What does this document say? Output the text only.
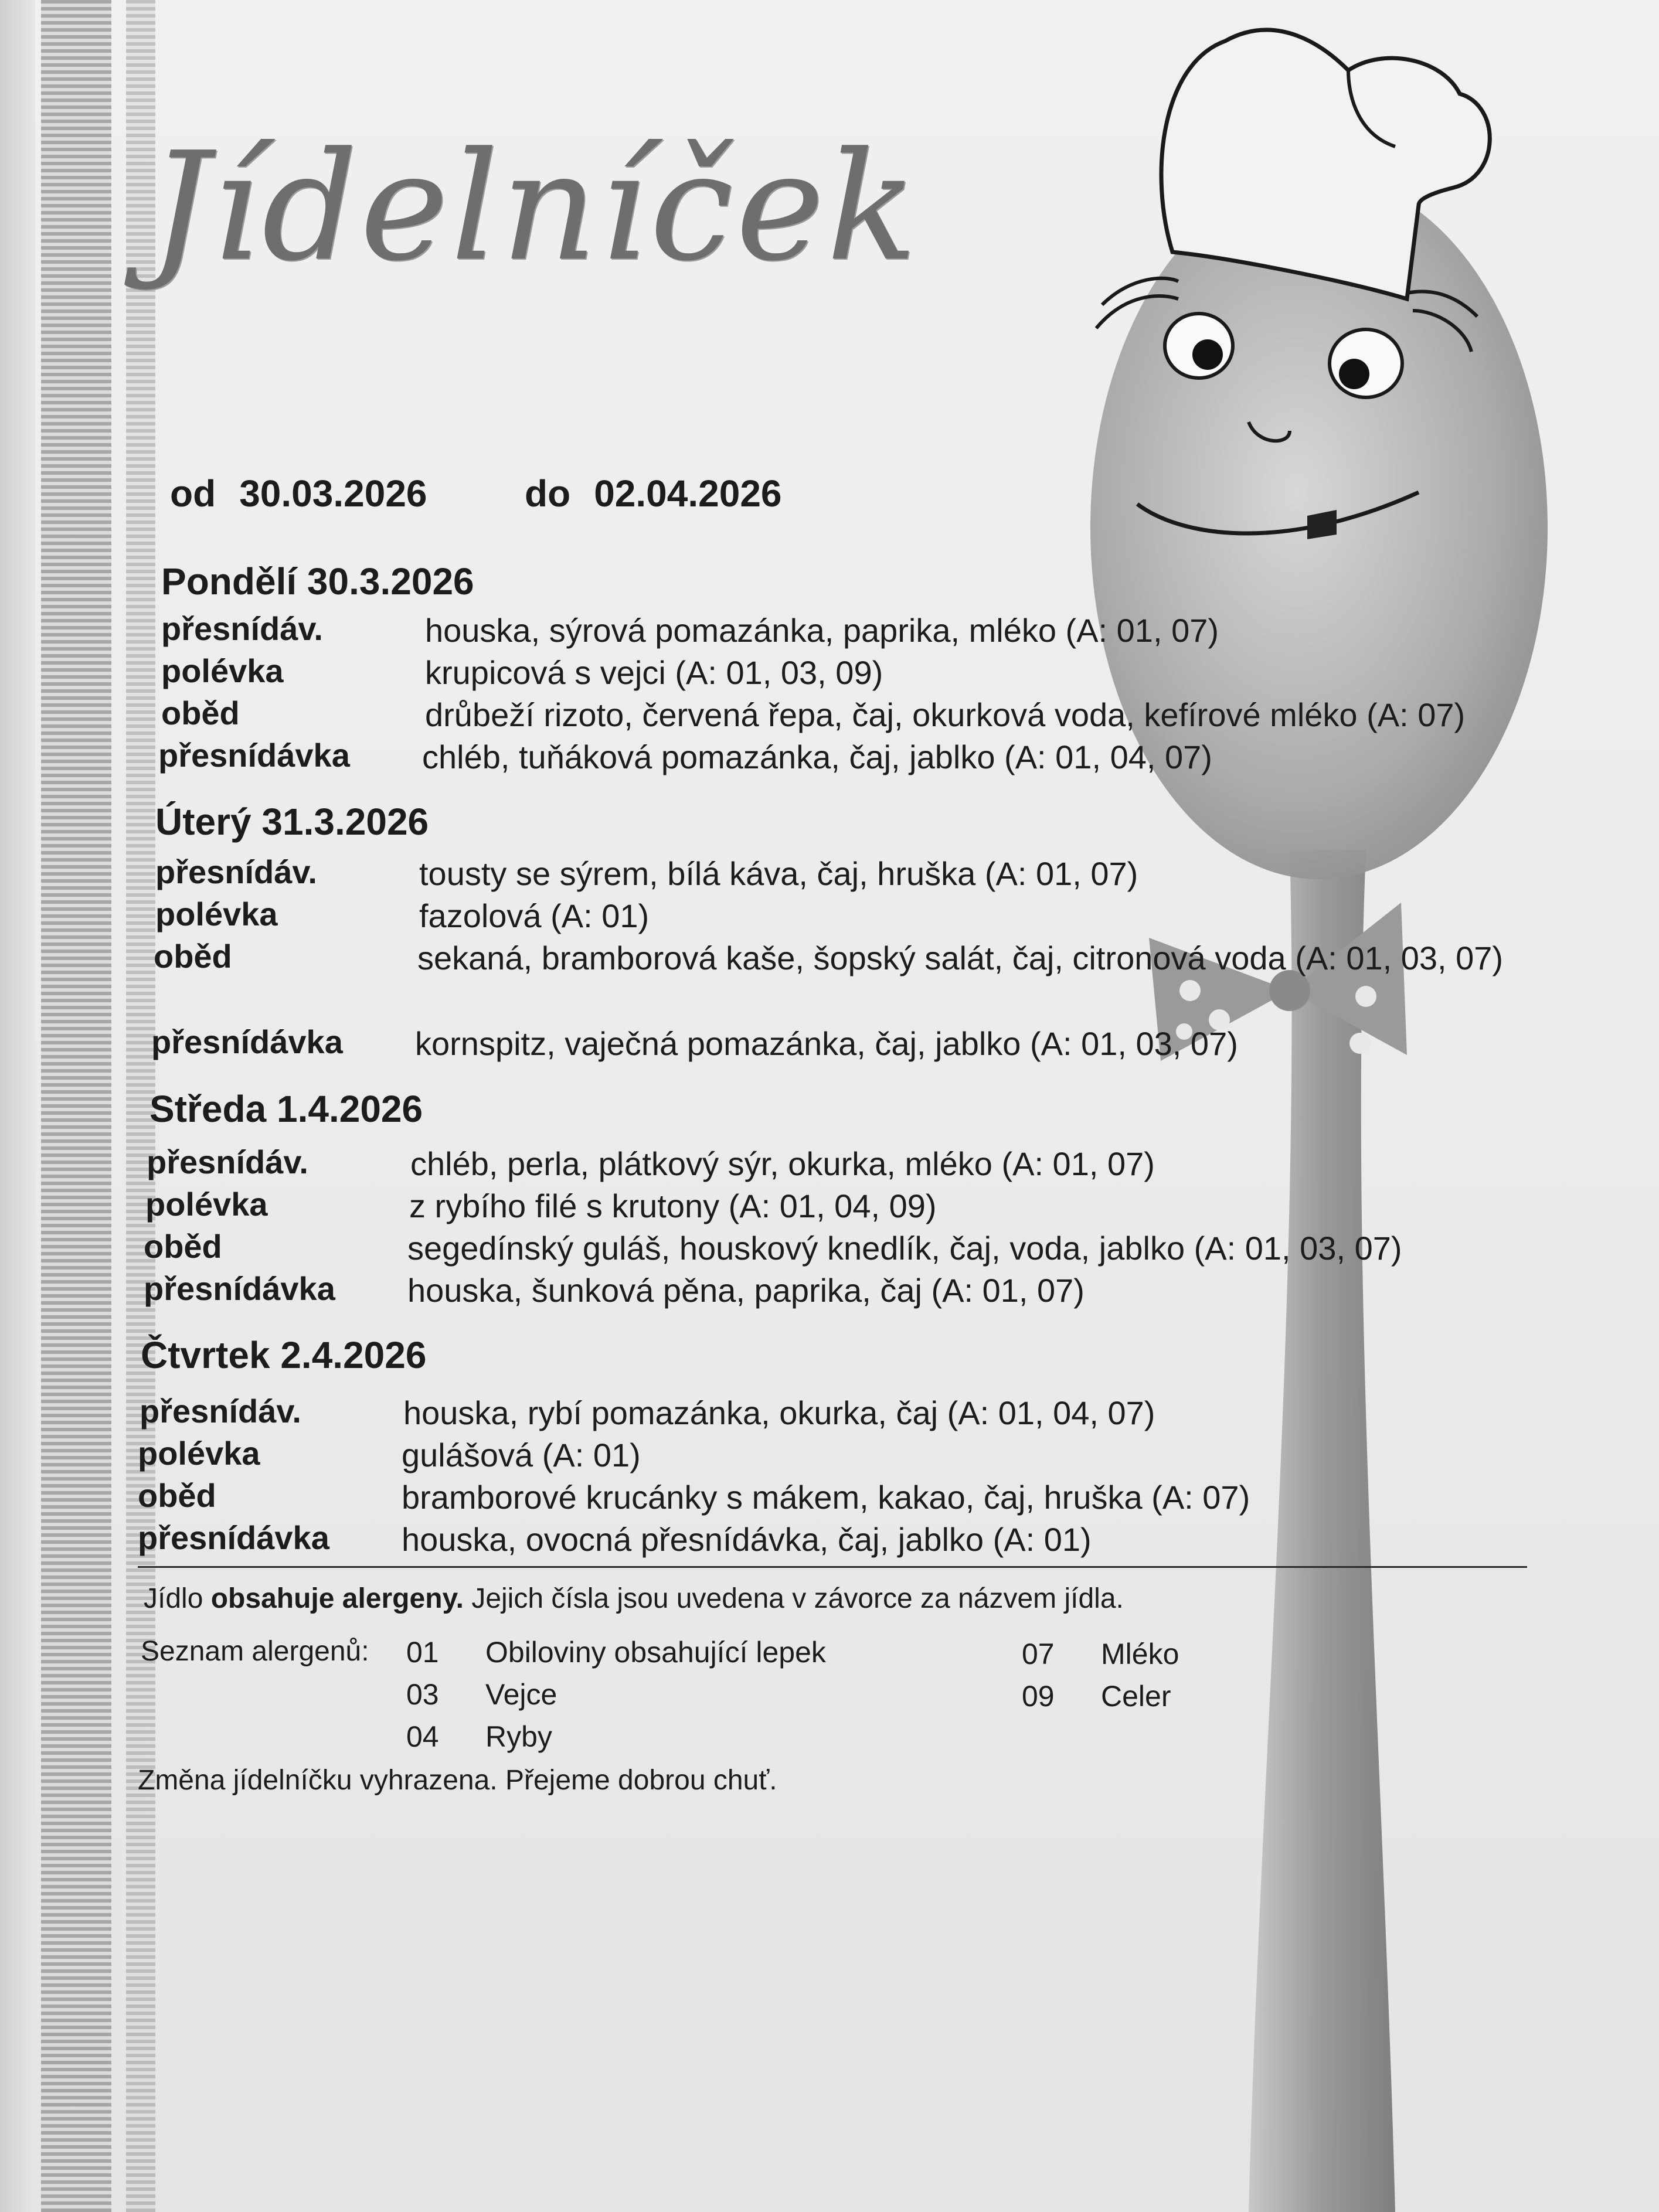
Jídelníček
od 30.03.2026	do 02.04.2026
Pondělí 30.3.2026
přesnídáv.	houska, sýrová pomazánka, paprika, mléko (A: 01, 07)
polévka	krupicová s vejci (A: 01, 03, 09)
oběd	drůbeží rizoto, červená řepa, čaj, okurková voda, kefírové mléko (A: 07)
přesnídávka	chléb, tuňáková pomazánka, čaj, jablko (A: 01, 04, 07)
Úterý 31.3.2026
přesnídáv.	tousty se sýrem, bílá káva, čaj, hruška (A: 01, 07)
polévka	fazolová (A: 01)
oběd	sekaná, bramborová kaše, šopský salát, čaj, citronová voda (A: 01, 03, 07)
přesnídávka	kornspitz, vaječná pomazánka, čaj, jablko (A: 01, 03, 07)
Středa 1.4.2026
přesnídáv.	chléb, perla, plátkový sýr, okurka, mléko (A: 01, 07)
polévka	z rybího filé s krutony (A: 01, 04, 09)
oběd	segedínský guláš, houskový knedlík, čaj, voda, jablko (A: 01, 03, 07)
přesnídávka	houska, šunková pěna, paprika, čaj (A: 01, 07)
Čtvrtek 2.4.2026
přesnídáv.	houska, rybí pomazánka, okurka, čaj (A: 01, 04, 07)
polévka	gulášová (A: 01)
oběd	bramborové krucánky s mákem, kakao, čaj, hruška (A: 07)
přesnídávka	houska, ovocná přesnídávka, čaj, jablko (A: 01)
Jídlo obsahuje alergeny. Jejich čísla jsou uvedena v závorce za názvem jídla.
Seznam alergenů: 01	Obiloviny obsahující lepek
03	Vejce
04	Ryby
07	Mléko
09	Celer
Změna jídelníčku vyhrazena. Přejeme dobrou chuť.
